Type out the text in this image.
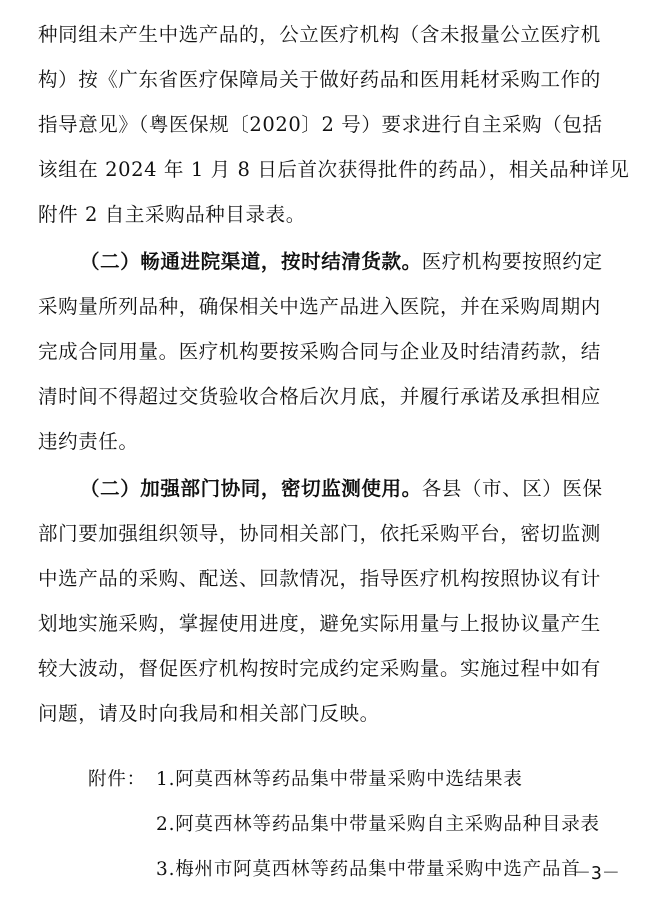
种同组未产生中选产品的，公立医疗机构（含未报量公立医疗机
构）按《广东省医疗保障局关于做好药品和医用耗材采购工作的
指导意见》（粤医保规〔2020〕2 号）要求进行自主采购（包括
该组在 2024 年 1 月 8 日后首次获得批件的药品），相关品种详见
附件 2 自主采购品种目录表。
（二）畅通进院渠道，按时结清货款。医疗机构要按照约定
采购量所列品种，确保相关中选产品进入医院，并在采购周期内
完成合同用量。医疗机构要按采购合同与企业及时结清药款，结
清时间不得超过交货验收合格后次月底，并履行承诺及承担相应
违约责任。
（二）加强部门协同，密切监测使用。各县（市、区）医保
部门要加强组织领导，协同相关部门，依托采购平台，密切监测
中选产品的采购、配送、回款情况，指导医疗机构按照协议有计
划地实施采购，掌握使用进度，避免实际用量与上报协议量产生
较大波动，督促医疗机构按时完成约定采购量。实施过程中如有
问题，请及时向我局和相关部门反映。
附件： 1.阿莫西林等药品集中带量采购中选结果表
2.阿莫西林等药品集中带量采购自主采购品种目录表
3.梅州市阿莫西林等药品集中带量采购中选产品首
－3－
